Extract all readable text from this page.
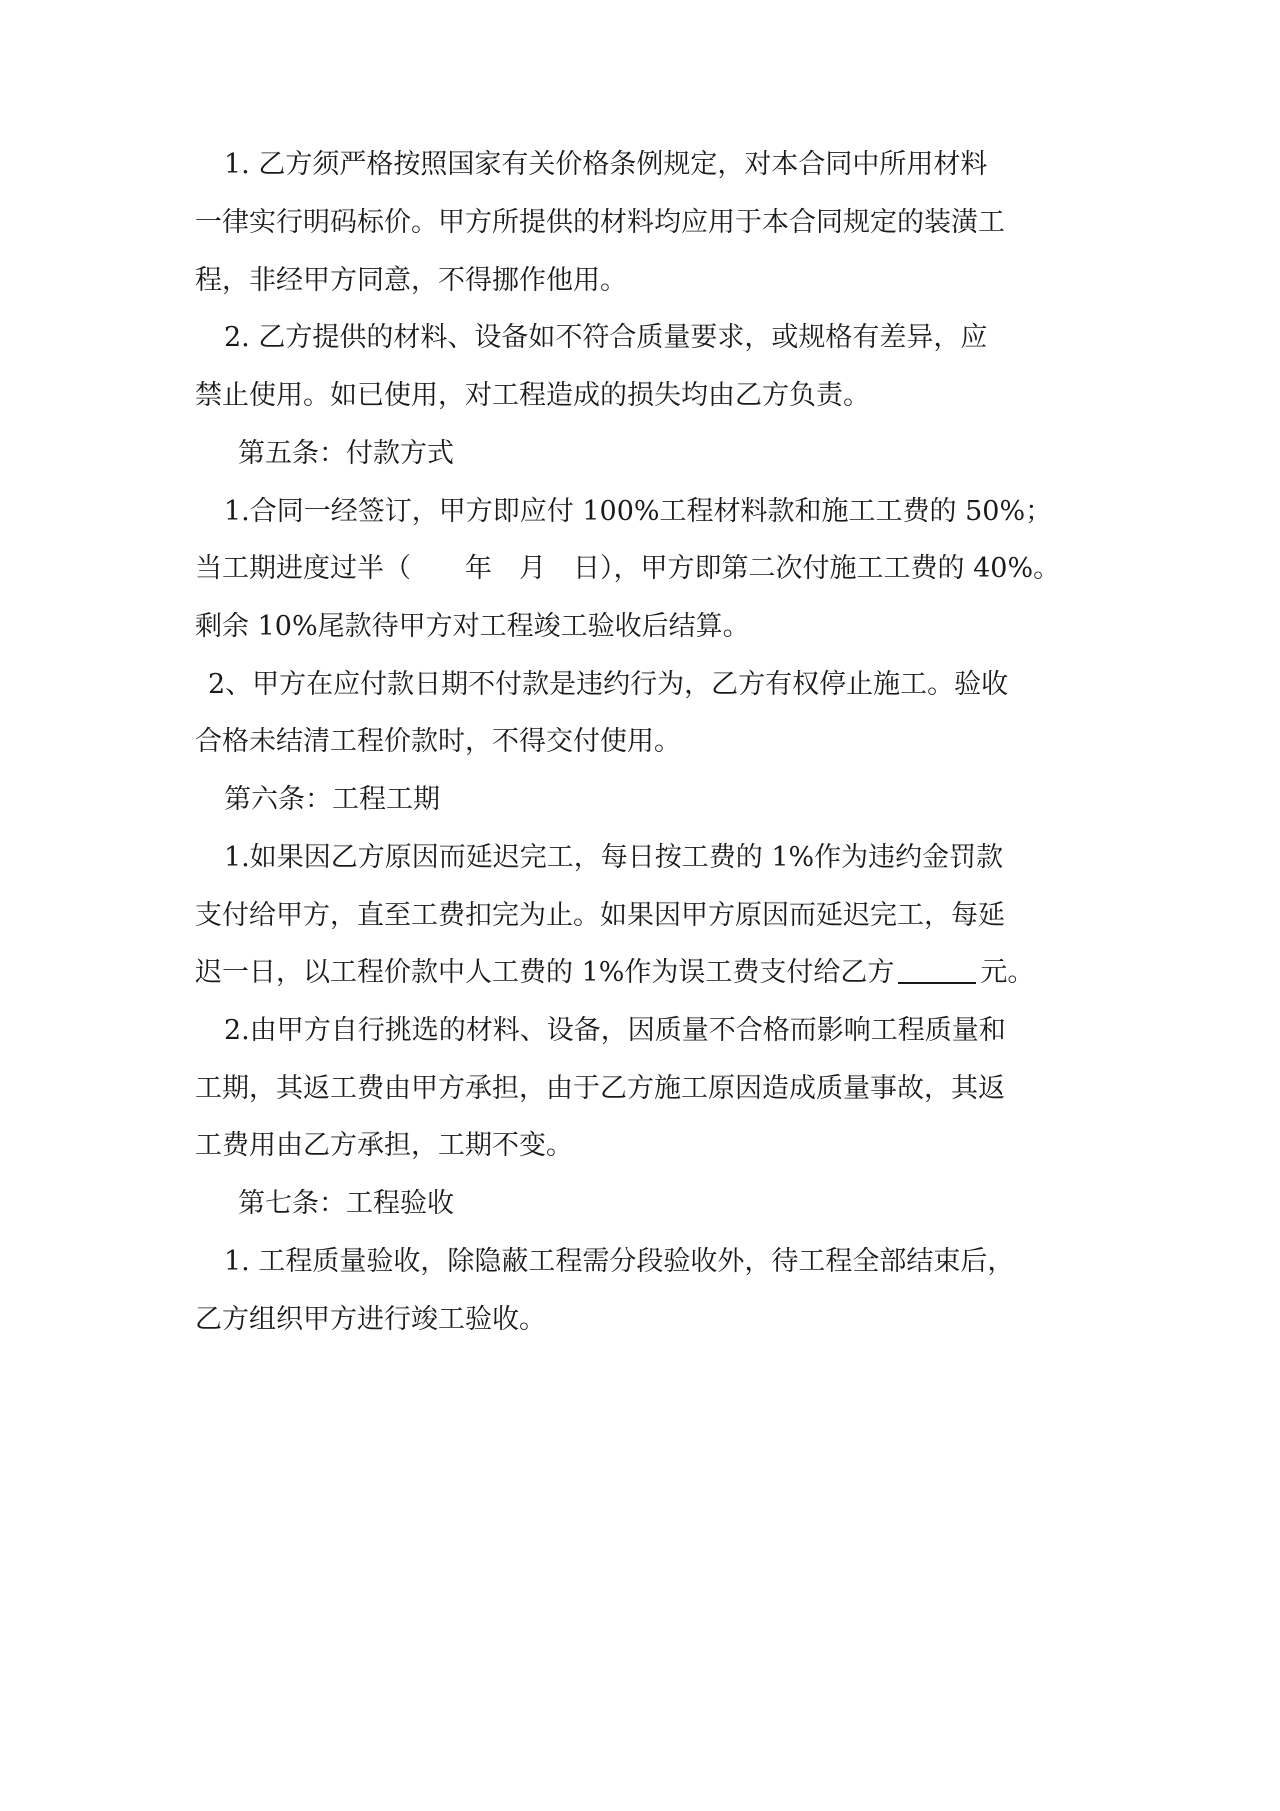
1. 乙方须严格按照国家有关价格条例规定，对本合同中所用材料
一律实行明码标价。甲方所提供的材料均应用于本合同规定的装潢工
程，非经甲方同意，不得挪作他用。
2. 乙方提供的材料、设备如不符合质量要求，或规格有差异，应
禁止使用。如已使用，对工程造成的损失均由乙方负责。
第五条：付款方式
1.合同一经签订，甲方即应付 100%工程材料款和施工工费的 50%；
当工期进度过半（　　年　月　日），甲方即第二次付施工工费的 40%。
剩余 10%尾款待甲方对工程竣工验收后结算。
2、甲方在应付款日期不付款是违约行为，乙方有权停止施工。验收
合格未结清工程价款时，不得交付使用。
第六条：工程工期
1.如果因乙方原因而延迟完工，每日按工费的 1%作为违约金罚款
支付给甲方，直至工费扣完为止。如果因甲方原因而延迟完工，每延
迟一日，以工程价款中人工费的 1%作为误工费支付给乙方	元。
2.由甲方自行挑选的材料、设备，因质量不合格而影响工程质量和
工期，其返工费由甲方承担，由于乙方施工原因造成质量事故，其返
工费用由乙方承担，工期不变。
第七条：工程验收
1. 工程质量验收，除隐蔽工程需分段验收外，待工程全部结束后，
乙方组织甲方进行竣工验收。
